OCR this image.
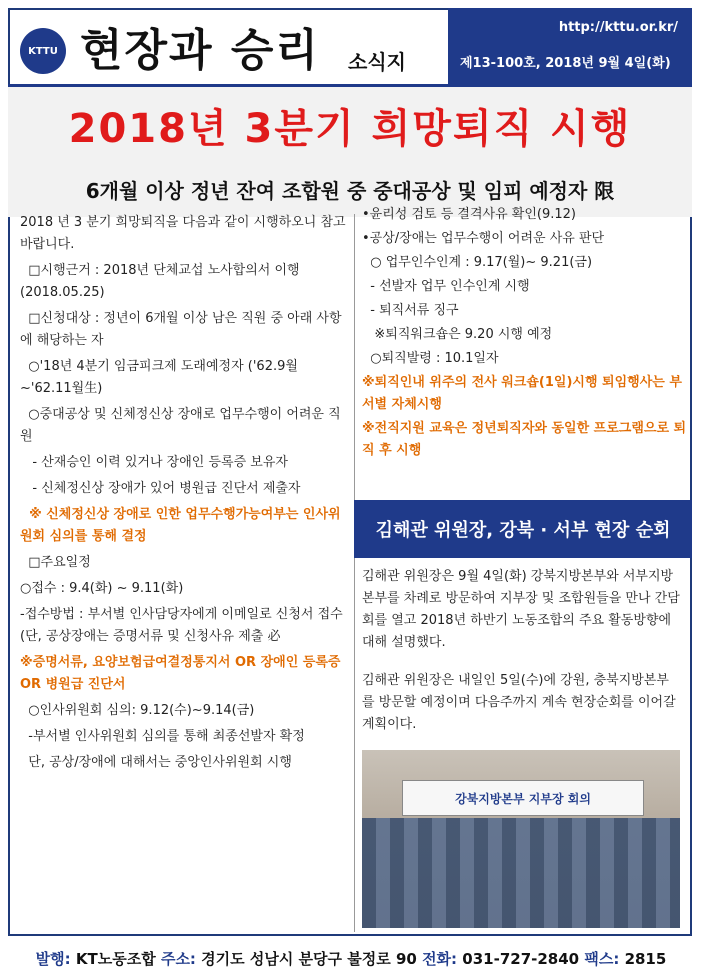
KTTU 현장과 승리 소식지
http://kttu.or.kr/
제13-100호, 2018년 9월 4일(화)
2018년 3분기 희망퇴직 시행
6개월 이상 정년 잔여 조합원 중 중대공상 및 임피 예정자 限

2018 년 3 분기 희망퇴직을 다음과 같이 시행하오니 참고 바랍니다.

□시행근거 : 2018년 단체교섭 노사합의서 이행 (2018.05.25)

□신청대상 : 정년이 6개월 이상 남은 직원 중 아래 사항에 해당하는 자

○'18년 4분기 임금피크제 도래예정자 ('62.9월 ~'62.11월生)

○중대공상 및 신체정신상 장애로 업무수행이 어려운 직원

- 산재승인 이력 있거나 장애인 등록증 보유자

- 신체정신상 장애가 있어 병원급 진단서 제출자

※ 신체정신상 장애로 인한 업무수행가능여부는 인사위원회 심의를 통해 결정

□주요일정

○접수 : 9.4(화) ~ 9.11(화)

-접수방법 : 부서별 인사담당자에게 이메일로 신청서 접수(단, 공상장애는 증명서류 및 신청사유 제출 必

※증명서류, 요양보험급여결정통지서 OR 장애인 등록증 OR 병원급 진단서

○인사위원회 심의: 9.12(수)~9.14(금)

-부서별 인사위원회 심의를 통해 최종선발자 확정

단, 공상/장애에 대해서는 중앙인사위원회 시행

•윤리성 검토 등 결격사유 확인(9.12)

•공상/장애는 업무수행이 어려운 사유 판단

○ 업무인수인계 : 9.17(월)~ 9.21(금)

- 선발자 업무 인수인계 시행

- 퇴직서류 징구

※퇴직워크숍은 9.20 시행 예정

○퇴직발령 : 10.1일자

※퇴직인내 위주의 전사 워크숍(1일)시행 퇴임행사는 부서별 자체시행

※전직지원 교육은 정년퇴직자와 동일한 프로그램으로 퇴직 후 시행

김해관 위원장, 강북 · 서부 현장 순회

김해관 위원장은 9월 4일(화) 강북지방본부와 서부지방본부를 차례로 방문하여 지부장 및 조합원들을 만나 간담회를 열고 2018년 하반기 노동조합의 주요 활동방향에 대해 설명했다.

김해관 위원장은 내일인 5일(수)에 강원, 충북지방본부를 방문할 예정이며 다음주까지 계속 현장순회를 이어갈 계획이다.

강북지방본부 지부장 회의
발행: KT노동조합 주소: 경기도 성남시 분당구 불정로 90 전화: 031-727-2840 팩스: 2815
